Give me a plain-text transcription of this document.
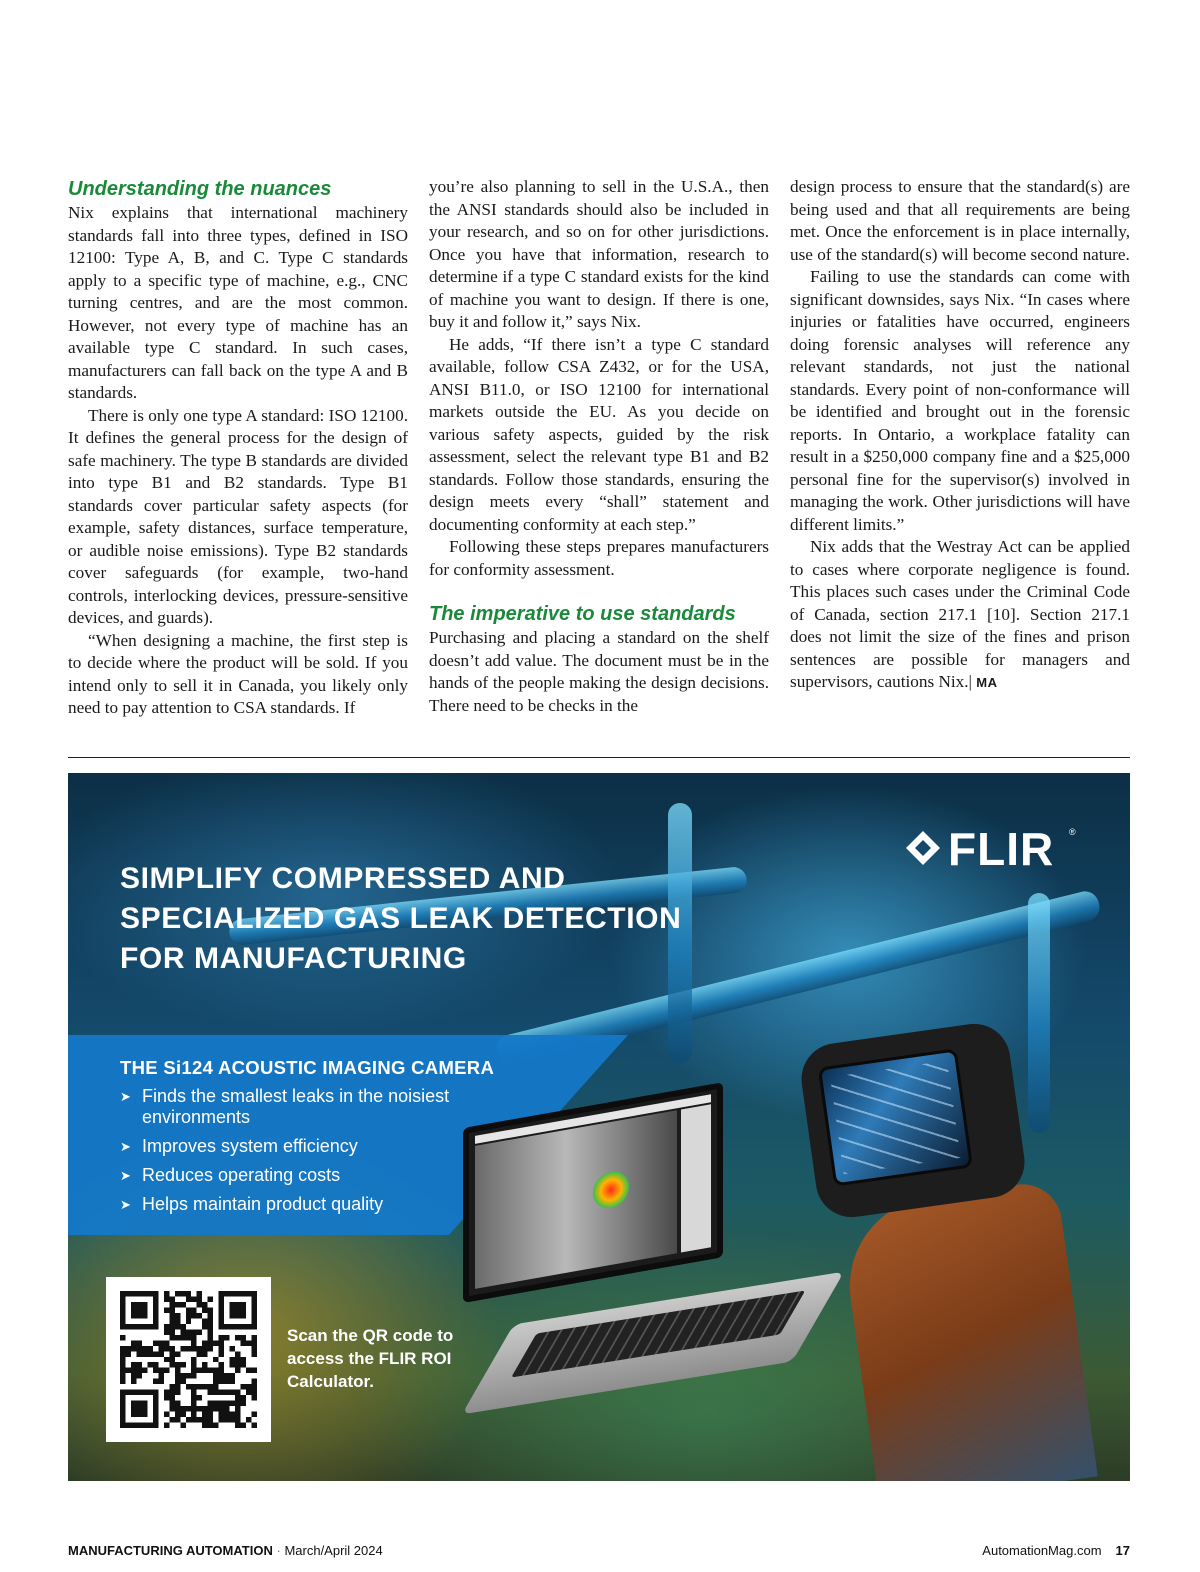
Understanding the nuances

Nix explains that international machinery standards fall into three types, defined in ISO 12100: Type A, B, and C. Type C standards apply to a specific type of machine, e.g., CNC turning centres, and are the most common. However, not every type of machine has an available type C standard. In such cases, manufacturers can fall back on the type A and B standards.

There is only one type A standard: ISO 12100. It defines the general process for the design of safe machinery. The type B standards are divided into type B1 and B2 standards. Type B1 standards cover particular safety aspects (for example, safety distances, surface temperature, or audible noise emissions). Type B2 standards cover safeguards (for example, two-hand controls, interlocking devices, pressure-sensitive devices, and guards).

“When designing a machine, the first step is to decide where the product will be sold. If you intend only to sell it in Canada, you likely only need to pay attention to CSA standards. If

you’re also planning to sell in the U.S.A., then the ANSI standards should also be included in your research, and so on for other jurisdictions. Once you have that information, research to determine if a type C standard exists for the kind of machine you want to design. If there is one, buy it and follow it,” says Nix.

He adds, “If there isn’t a type C standard available, follow CSA Z432, or for the USA, ANSI B11.0, or ISO 12100 for international markets outside the EU. As you decide on various safety aspects, guided by the risk assessment, select the relevant type B1 and B2 standards. Follow those standards, ensuring the design meets every “shall” statement and documenting conformity at each step.”

Following these steps prepares manufacturers for conformity assessment.

The imperative to use standards

Purchasing and placing a standard on the shelf doesn’t add value. The document must be in the hands of the people making the design decisions. There need to be checks in the

design process to ensure that the standard(s) are being used and that all requirements are being met. Once the enforcement is in place internally, use of the standard(s) will become second nature.

Failing to use the standards can come with significant downsides, says Nix. “In cases where injuries or fatalities have occurred, engineers doing forensic analyses will reference any relevant standards, not just the national standards. Every point of non-conformance will be identified and brought out in the forensic reports. In Ontario, a workplace fatality can result in a $250,000 company fine and a $25,000 personal fine for the supervisor(s) involved in managing the work. Other jurisdictions will have different limits.”

Nix adds that the Westray Act can be applied to cases where corporate negligence is found. This places such cases under the Criminal Code of Canada, section 217.1 [10]. Section 217.1 does not limit the size of the fines and prison sentences are possible for managers and supervisors, cautions Nix.| MA

SIMPLIFY COMPRESSED AND
SPECIALIZED GAS LEAK DETECTION
FOR MANUFACTURING
FLIR ®
THE Si124 ACOUSTIC IMAGING CAMERA
➤ Finds the smallest leaks in the noisiest environments
➤ Improves system efficiency
➤ Reduces operating costs
➤ Helps maintain product quality
Scan the QR code to access the FLIR ROI Calculator.
MANUFACTURING AUTOMATION · March/April 2024	AutomationMag.com 17
